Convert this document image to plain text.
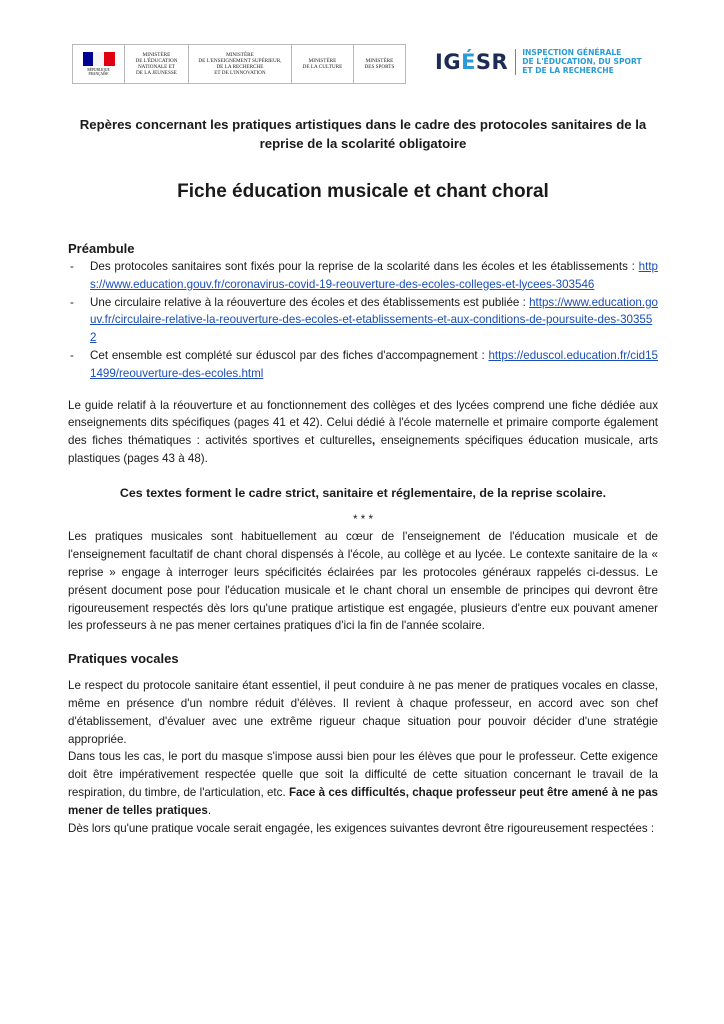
RÉPUBLIQUE
FRANÇAISE
MINISTÈRE
DE L'ÉDUCATION
NATIONALE ET
DE LA JEUNESSE
MINISTÈRE
DE L'ENSEIGNEMENT SUPÉRIEUR,
DE LA RECHERCHE
ET DE L'INNOVATION
MINISTÈRE
DE LA CULTURE
MINISTÈRE
DES SPORTS	IGÉSR INSPECTION GÉNÉRALE
DE L'ÉDUCATION, DU SPORT
ET DE LA RECHERCHE

Repères concernant les pratiques artistiques dans le cadre des protocoles sanitaires de la reprise de la scolarité obligatoire

Fiche éducation musicale et chant choral
Préambule
- Des protocoles sanitaires sont fixés pour la reprise de la scolarité dans les écoles et les établissements : https://www.education.gouv.fr/coronavirus-covid-19-reouverture-des-ecoles-colleges-et-lycees-303546
- Une circulaire relative à la réouverture des écoles et des établissements est publiée : https://www.education.gouv.fr/circulaire-relative-la-reouverture-des-ecoles-et-etablissements-et-aux-conditions-de-poursuite-des-303552
- Cet ensemble est complété sur éduscol par des fiches d'accompagnement : https://eduscol.education.fr/cid151499/reouverture-des-ecoles.html

Le guide relatif à la réouverture et au fonctionnement des collèges et des lycées comprend une fiche dédiée aux enseignements dits spécifiques (pages 41 et 42). Celui dédié à l'école maternelle et primaire comporte également des fiches thématiques : activités sportives et culturelles, enseignements spécifiques éducation musicale, arts plastiques (pages 43 à 48).

Ces textes forment le cadre strict, sanitaire et réglementaire, de la reprise scolaire.

* * *

Les pratiques musicales sont habituellement au cœur de l'enseignement de l'éducation musicale et de l'enseignement facultatif de chant choral dispensés à l'école, au collège et au lycée. Le contexte sanitaire de la « reprise » engage à interroger leurs spécificités éclairées par les protocoles généraux rappelés ci-dessus. Le présent document pose pour l'éducation musicale et le chant choral un ensemble de principes qui devront être rigoureusement respectés dès lors qu'une pratique artistique est engagée, plusieurs d'entre eux pouvant amener les professeurs à ne pas mener certaines pratiques d'ici la fin de l'année scolaire.

Pratiques vocales

Le respect du protocole sanitaire étant essentiel, il peut conduire à ne pas mener de pratiques vocales en classe, même en présence d'un nombre réduit d'élèves. Il revient à chaque professeur, en accord avec son chef d'établissement, d'évaluer avec une extrême rigueur chaque situation pour pouvoir décider d'une stratégie appropriée.

Dans tous les cas, le port du masque s'impose aussi bien pour les élèves que pour le professeur. Cette exigence doit être impérativement respectée quelle que soit la difficulté de cette situation concernant le travail de la respiration, du timbre, de l'articulation, etc. Face à ces difficultés, chaque professeur peut être amené à ne pas mener de telles pratiques.

Dès lors qu'une pratique vocale serait engagée, les exigences suivantes devront être rigoureusement respectées :
